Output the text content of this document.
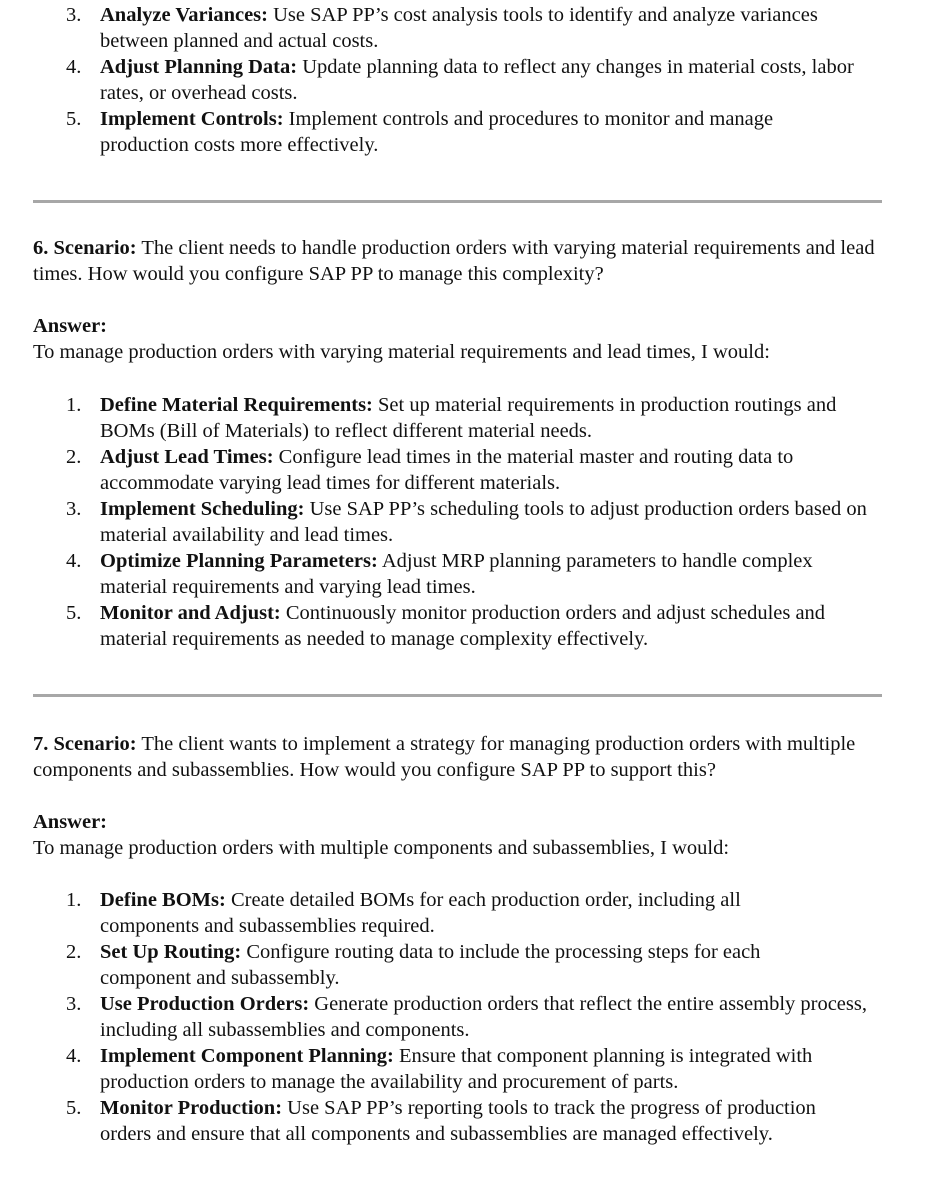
3. Analyze Variances: Use SAP PP’s cost analysis tools to identify and analyze variances between planned and actual costs.
4. Adjust Planning Data: Update planning data to reflect any changes in material costs, labor rates, or overhead costs.
5. Implement Controls: Implement controls and procedures to monitor and manage production costs more effectively.
6. Scenario: The client needs to handle production orders with varying material requirements and lead times. How would you configure SAP PP to manage this complexity?
Answer:
To manage production orders with varying material requirements and lead times, I would:
1. Define Material Requirements: Set up material requirements in production routings and BOMs (Bill of Materials) to reflect different material needs.
2. Adjust Lead Times: Configure lead times in the material master and routing data to accommodate varying lead times for different materials.
3. Implement Scheduling: Use SAP PP’s scheduling tools to adjust production orders based on material availability and lead times.
4. Optimize Planning Parameters: Adjust MRP planning parameters to handle complex material requirements and varying lead times.
5. Monitor and Adjust: Continuously monitor production orders and adjust schedules and material requirements as needed to manage complexity effectively.
7. Scenario: The client wants to implement a strategy for managing production orders with multiple components and subassemblies. How would you configure SAP PP to support this?
Answer:
To manage production orders with multiple components and subassemblies, I would:
1. Define BOMs: Create detailed BOMs for each production order, including all components and subassemblies required.
2. Set Up Routing: Configure routing data to include the processing steps for each component and subassembly.
3. Use Production Orders: Generate production orders that reflect the entire assembly process, including all subassemblies and components.
4. Implement Component Planning: Ensure that component planning is integrated with production orders to manage the availability and procurement of parts.
5. Monitor Production: Use SAP PP’s reporting tools to track the progress of production orders and ensure that all components and subassemblies are managed effectively.
